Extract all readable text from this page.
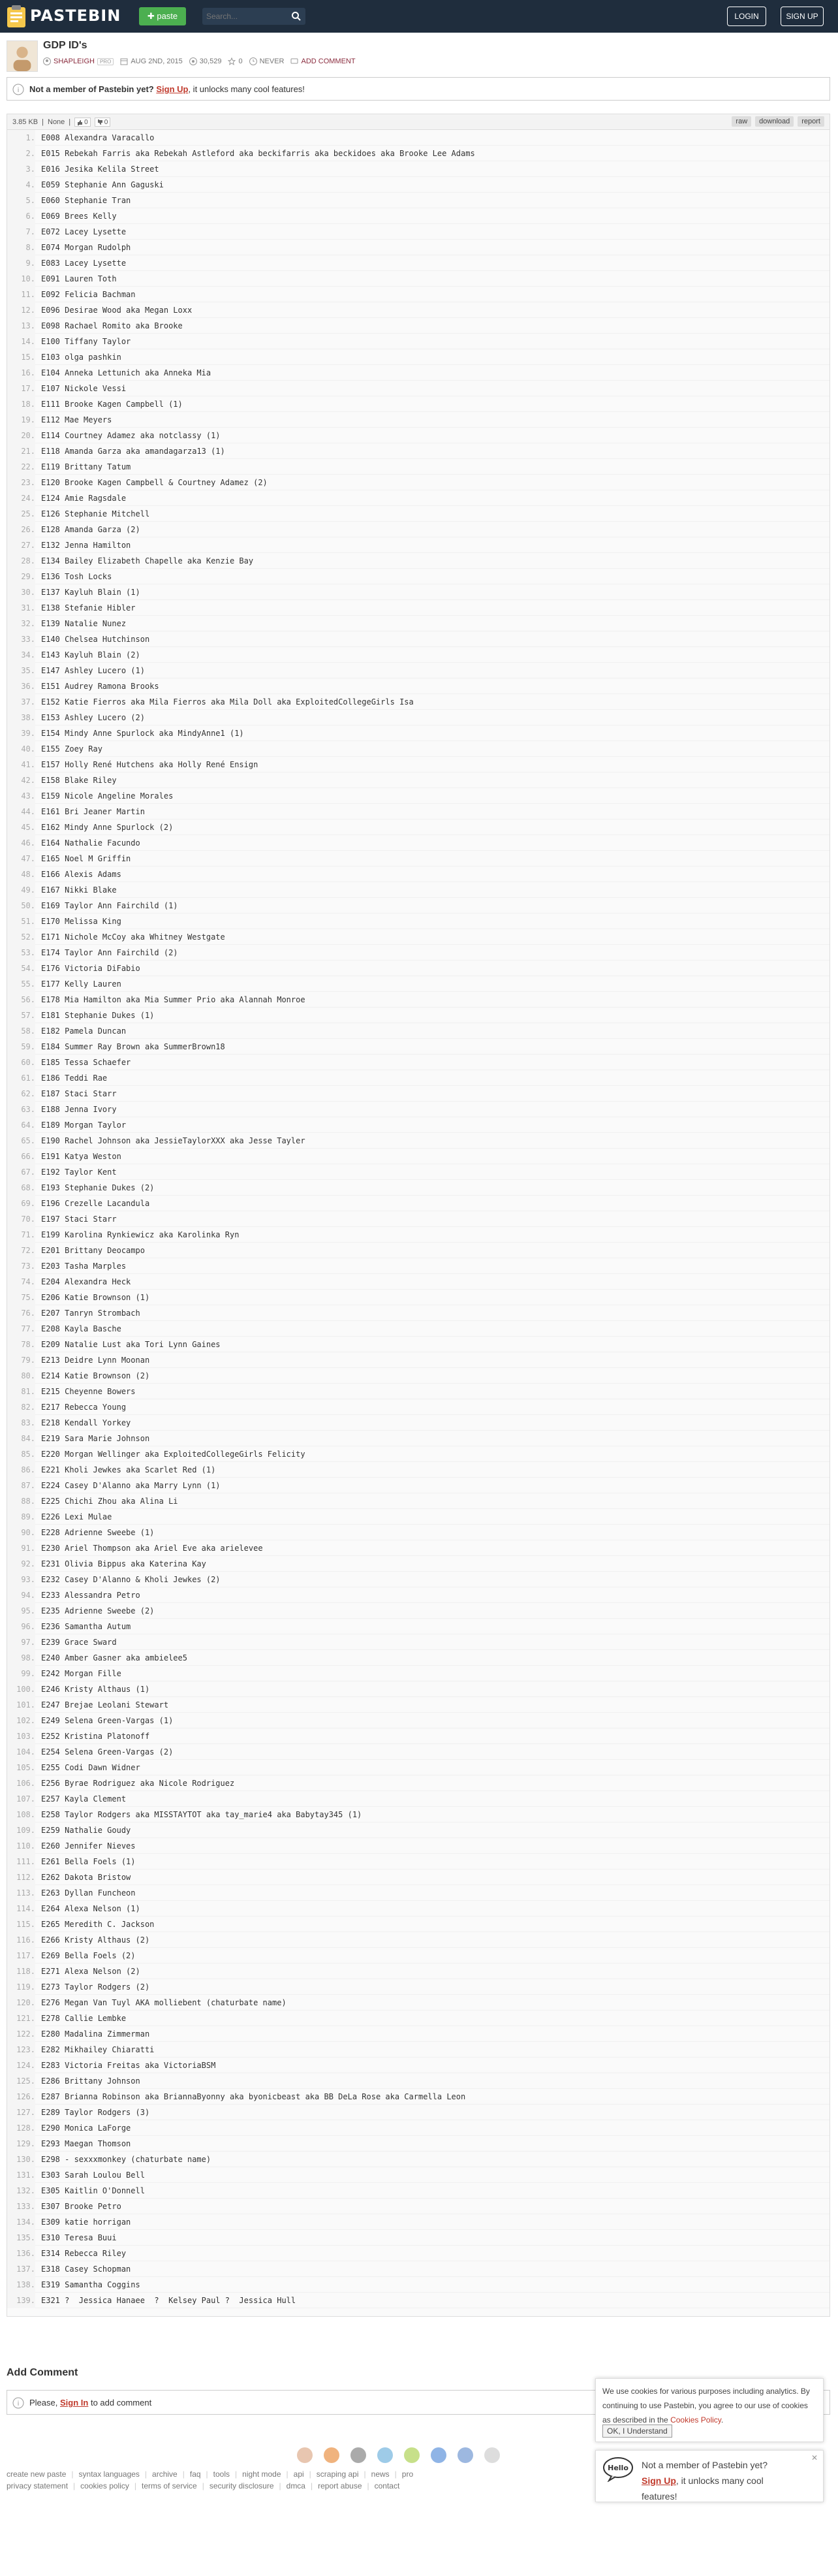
PASTEBIN	✚ paste
Search...	LOGIN	SIGN UP
GDP ID's
SHAPLEIGH	PRO	AUG 2ND, 2015 30,529 0 NEVER ADD COMMENT
i Not a member of Pastebin yet? Sign Up, it unlocks many cool features!
3.85 KB | None | 0	0	raw	download	report
1. E008 Alexandra Varacallo
2. E015 Rebekah Farris aka Rebekah Astleford aka beckifarris aka beckidoes aka Brooke Lee Adams
3. E016 Jesika Kelila Street
4. E059 Stephanie Ann Gaguski
5. E060 Stephanie Tran
6. E069 Brees Kelly
7. E072 Lacey Lysette
8. E074 Morgan Rudolph
9. E083 Lacey Lysette
10. E091 Lauren Toth
11. E092 Felicia Bachman
12. E096 Desirae Wood aka Megan Loxx
13. E098 Rachael Romito aka Brooke
14. E100 Tiffany Taylor
15. E103 olga pashkin
16. E104 Anneka Lettunich aka Anneka Mia
17. E107 Nickole Vessi
18. E111 Brooke Kagen Campbell (1)
19. E112 Mae Meyers
20. E114 Courtney Adamez aka notclassy (1)
21. E118 Amanda Garza aka amandagarza13 (1)
22. E119 Brittany Tatum
23. E120 Brooke Kagen Campbell & Courtney Adamez (2)
24. E124 Amie Ragsdale
25. E126 Stephanie Mitchell
26. E128 Amanda Garza (2)
27. E132 Jenna Hamilton
28. E134 Bailey Elizabeth Chapelle aka Kenzie Bay
29. E136 Tosh Locks
30. E137 Kayluh Blain (1)
31. E138 Stefanie Hibler
32. E139 Natalie Nunez
33. E140 Chelsea Hutchinson
34. E143 Kayluh Blain (2)
35. E147 Ashley Lucero (1)
36. E151 Audrey Ramona Brooks
37. E152 Katie Fierros aka Mila Fierros aka Mila Doll aka ExploitedCollegeGirls Isa
38. E153 Ashley Lucero (2)
39. E154 Mindy Anne Spurlock aka MindyAnne1 (1)
40. E155 Zoey Ray
41. E157 Holly René Hutchens aka Holly René Ensign
42. E158 Blake Riley
43. E159 Nicole Angeline Morales
44. E161 Bri Jeaner Martin
45. E162 Mindy Anne Spurlock (2)
46. E164 Nathalie Facundo
47. E165 Noel M Griffin
48. E166 Alexis Adams
49. E167 Nikki Blake
50. E169 Taylor Ann Fairchild (1)
51. E170 Melissa King
52. E171 Nichole McCoy aka Whitney Westgate
53. E174 Taylor Ann Fairchild (2)
54. E176 Victoria DiFabio
55. E177 Kelly Lauren
56. E178 Mia Hamilton aka Mia Summer Prio aka Alannah Monroe
57. E181 Stephanie Dukes (1)
58. E182 Pamela Duncan
59. E184 Summer Ray Brown aka SummerBrown18
60. E185 Tessa Schaefer
61. E186 Teddi Rae
62. E187 Staci Starr
63. E188 Jenna Ivory
64. E189 Morgan Taylor
65. E190 Rachel Johnson aka JessieTaylorXXX aka Jesse Tayler
66. E191 Katya Weston
67. E192 Taylor Kent
68. E193 Stephanie Dukes (2)
69. E196 Crezelle Lacandula
70. E197 Staci Starr
71. E199 Karolina Rynkiewicz aka Karolinka Ryn
72. E201 Brittany Deocampo
73. E203 Tasha Marples
74. E204 Alexandra Heck
75. E206 Katie Brownson (1)
76. E207 Tanryn Strombach
77. E208 Kayla Basche
78. E209 Natalie Lust aka Tori Lynn Gaines
79. E213 Deidre Lynn Moonan
80. E214 Katie Brownson (2)
81. E215 Cheyenne Bowers
82. E217 Rebecca Young
83. E218 Kendall Yorkey
84. E219 Sara Marie Johnson
85. E220 Morgan Wellinger aka ExploitedCollegeGirls Felicity
86. E221 Kholi Jewkes aka Scarlet Red (1)
87. E224 Casey D'Alanno aka Marry Lynn (1)
88. E225 Chichi Zhou aka Alina Li
89. E226 Lexi Mulae
90. E228 Adrienne Sweebe (1)
91. E230 Ariel Thompson aka Ariel Eve aka arielevee
92. E231 Olivia Bippus aka Katerina Kay
93. E232 Casey D'Alanno & Kholi Jewkes (2)
94. E233 Alessandra Petro
95. E235 Adrienne Sweebe (2)
96. E236 Samantha Autum
97. E239 Grace Sward
98. E240 Amber Gasner aka ambielee5
99. E242 Morgan Fille
100. E246 Kristy Althaus (1)
101. E247 Brejae Leolani Stewart
102. E249 Selena Green-Vargas (1)
103. E252 Kristina Platonoff
104. E254 Selena Green-Vargas (2)
105. E255 Codi Dawn Widner
106. E256 Byrae Rodriguez aka Nicole Rodriguez
107. E257 Kayla Clement
108. E258 Taylor Rodgers aka MISSTAYTOT aka tay_marie4 aka Babytay345 (1)
109. E259 Nathalie Goudy
110. E260 Jennifer Nieves
111. E261 Bella Foels (1)
112. E262 Dakota Bristow
113. E263 Dyllan Funcheon
114. E264 Alexa Nelson (1)
115. E265 Meredith C. Jackson
116. E266 Kristy Althaus (2)
117. E269 Bella Foels (2)
118. E271 Alexa Nelson (2)
119. E273 Taylor Rodgers (2)
120. E276 Megan Van Tuyl AKA molliebent (chaturbate name)
121. E278 Callie Lembke
122. E280 Madalina Zimmerman
123. E282 Mikhailey Chiaratti
124. E283 Victoria Freitas aka VictoriaBSM
125. E286 Brittany Johnson
126. E287 Brianna Robinson aka BriannaByonny aka byonicbeast aka BB DeLa Rose aka Carmella Leon
127. E289 Taylor Rodgers (3)
128. E290 Monica LaForge
129. E293 Maegan Thomson
130. E298 - sexxxmonkey (chaturbate name)
131. E303 Sarah Loulou Bell
132. E305 Kaitlin O'Donnell
133. E307 Brooke Petro
134. E309 katie horrigan
135. E310 Teresa Buui
136. E314 Rebecca Riley
137. E318 Casey Schopman
138. E319 Samantha Coggins
139. E321 ?  Jessica Hanaee  ?  Kelsey Paul ?  Jessica Hull
Add Comment
i Please, Sign In to add comment
create new paste | syntax languages | archive | faq | tools | night mode | api | scraping api | news | pro
privacy statement | cookies policy | terms of service | security disclosure | dmca | report abuse | contact
We use cookies for various purposes including analytics. By continuing to use Pastebin, you agree to our use of cookies as described in the Cookies Policy.
OK, I Understand
Hello Not a member of Pastebin yet?
Sign Up, it unlocks many cool features!
✕
